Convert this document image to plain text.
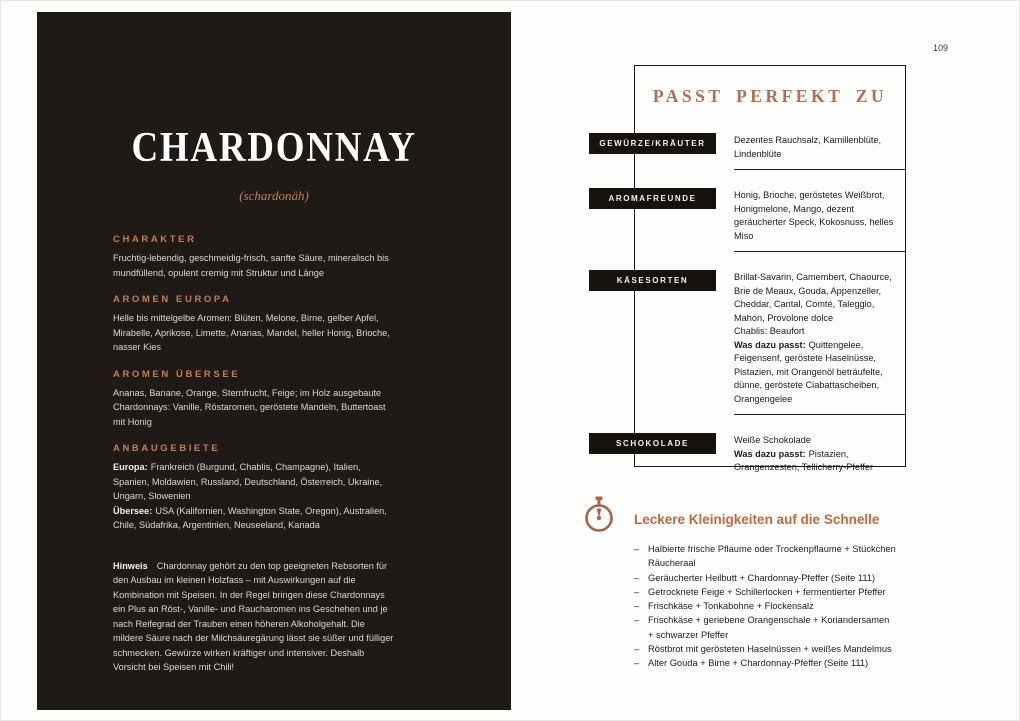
CHARDONNAY
(schardonäh)
CHARAKTER

Fruchtig-lebendig, geschmeidig-frisch, sanfte Säure, mineralisch bis mundfüllend, opulent cremig mit Struktur und Länge

AROMEN EUROPA

Helle bis mittelgelbe Aromen: Blüten, Melone, Birne, gelber Apfel, Mirabelle, Aprikose, Limette, Ananas, Mandel, heller Honig, Brioche, nasser Kies

AROMEN ÜBERSEE

Ananas, Banane, Orange, Sternfrucht, Feige; im Holz ausgebaute Chardonnays: Vanille, Röstaromen, geröstete Mandeln, Buttertoast mit Honig

ANBAUGEBIETE

Europa: Frankreich (Burgund, Chablis, Champagne), Italien, Spanien, Moldawien, Russland, Deutschland, Österreich, Ukraine, Ungarn, Slowenien

Übersee: USA (Kalifornien, Washington State, Oregon), Australien, Chile, Südafrika, Argentinien, Neuseeland, Kanada

Hinweis Chardonnay gehört zu den top geeigneten Rebsorten für den Ausbau im kleinen Holzfass – mit Auswirkungen auf die Kombination mit Speisen. In der Regel bringen diese Chardonnays ein Plus an Röst-, Vanille- und Raucharomen ins Geschehen und je nach Reifegrad der Trauben einen höheren Alkoholgehalt. Die mildere Säure nach der Milchsäuregärung lässt sie süßer und fülliger schmecken. Gewürze wirken kräftiger und intensiver. Deshalb Vorsicht bei Speisen mit Chili!

109
PASST PERFEKT ZU
GEWÜRZE/KRÄUTER	Dezentes Rauchsalz, Kamillenblüte, Lindenblüte

AROMAFREUNDE	Honig, Brioche, geröstetes Weißbrot, Honigmelone, Mango, dezent geräucherter Speck, Kokosnuss, helles Miso

KÄSESORTEN	Brillat-Savarin, Camembert, Chaource, Brie de Meaux, Gouda, Appenzeller, Cheddar, Cantal, Comté, Taleggio, Mahón, Provolone dolce

Chablis: Beaufort

Was dazu passt: Quittengelee, Feigensenf, geröstete Haselnüsse, Pistazien, mit Orangenöl beträufelte, dünne, geröstete Ciabattascheiben, Orangengelee

SCHOKOLADE	Weiße Schokolade

Was dazu passt: Pistazien, Orangenzesten, Tellicherry-Pfeffer

Leckere Kleinigkeiten auf die Schnelle
– Halbierte frische Pflaume oder Trockenpflaume + Stückchen Räucheraal
– Geräucherter Heilbutt + Chardonnay-Pfeffer (Seite 111)
– Getrocknete Feige + Schillerlocken + fermentierter Pfeffer
– Frischkäse + Tonkabohne + Flockensalz
– Frischkäse + geriebene Orangenschale + Koriandersamen + schwarzer Pfeffer
– Röstbrot mit gerösteten Haselnüssen + weißes Mandelmus
– Alter Gouda + Birne + Chardonnay-Pfeffer (Seite 111)
